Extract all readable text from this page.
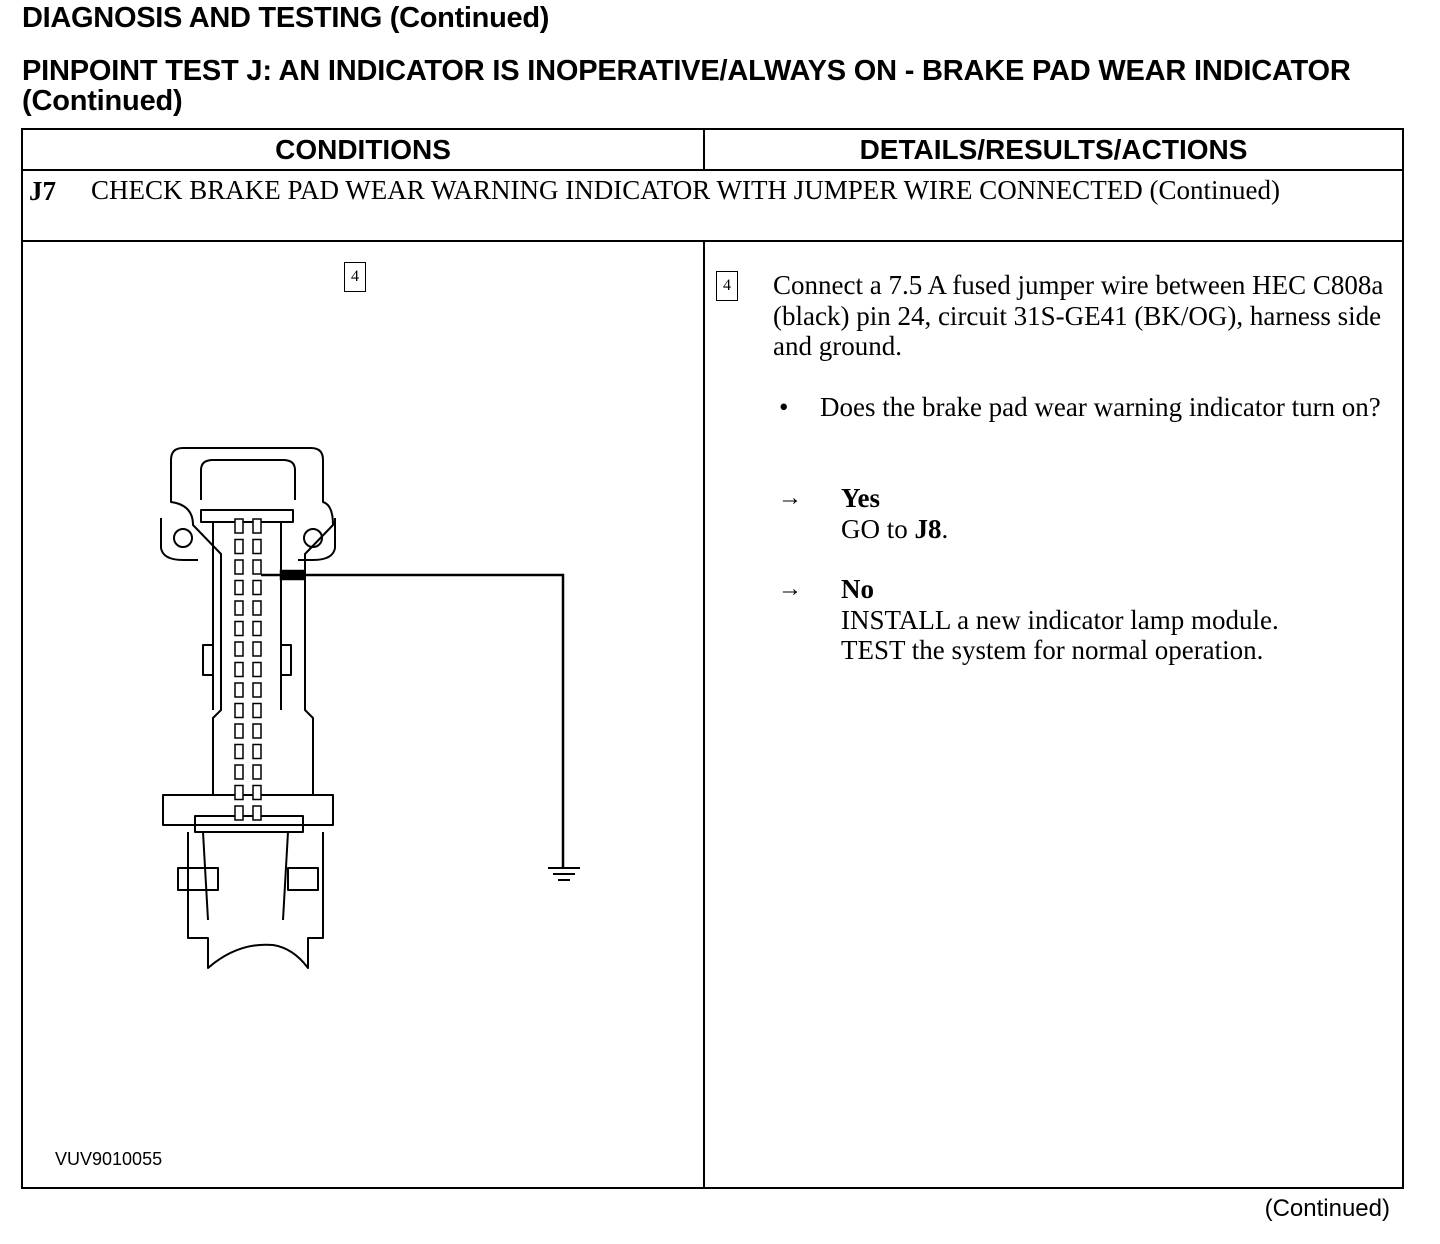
DIAGNOSIS AND TESTING (Continued)
PINPOINT TEST J: AN INDICATOR IS INOPERATIVE/ALWAYS ON - BRAKE PAD WEAR INDICATOR (Continued)
CONDITIONS	DETAILS/RESULTS/ACTIONS
J7 CHECK BRAKE PAD WEAR WARNING INDICATOR WITH JUMPER WIRE CONNECTED (Continued)
4
VUV9010055
4 Connect a 7.5 A fused jumper wire between HEC C808a (black) pin 24, circuit 31S-GE41 (BK/OG), harness side and ground.
• Does the brake pad wear warning indicator turn on?
→ Yes
GO to J8.
→ No
INSTALL a new indicator lamp module.
TEST the system for normal operation.
(Continued)
